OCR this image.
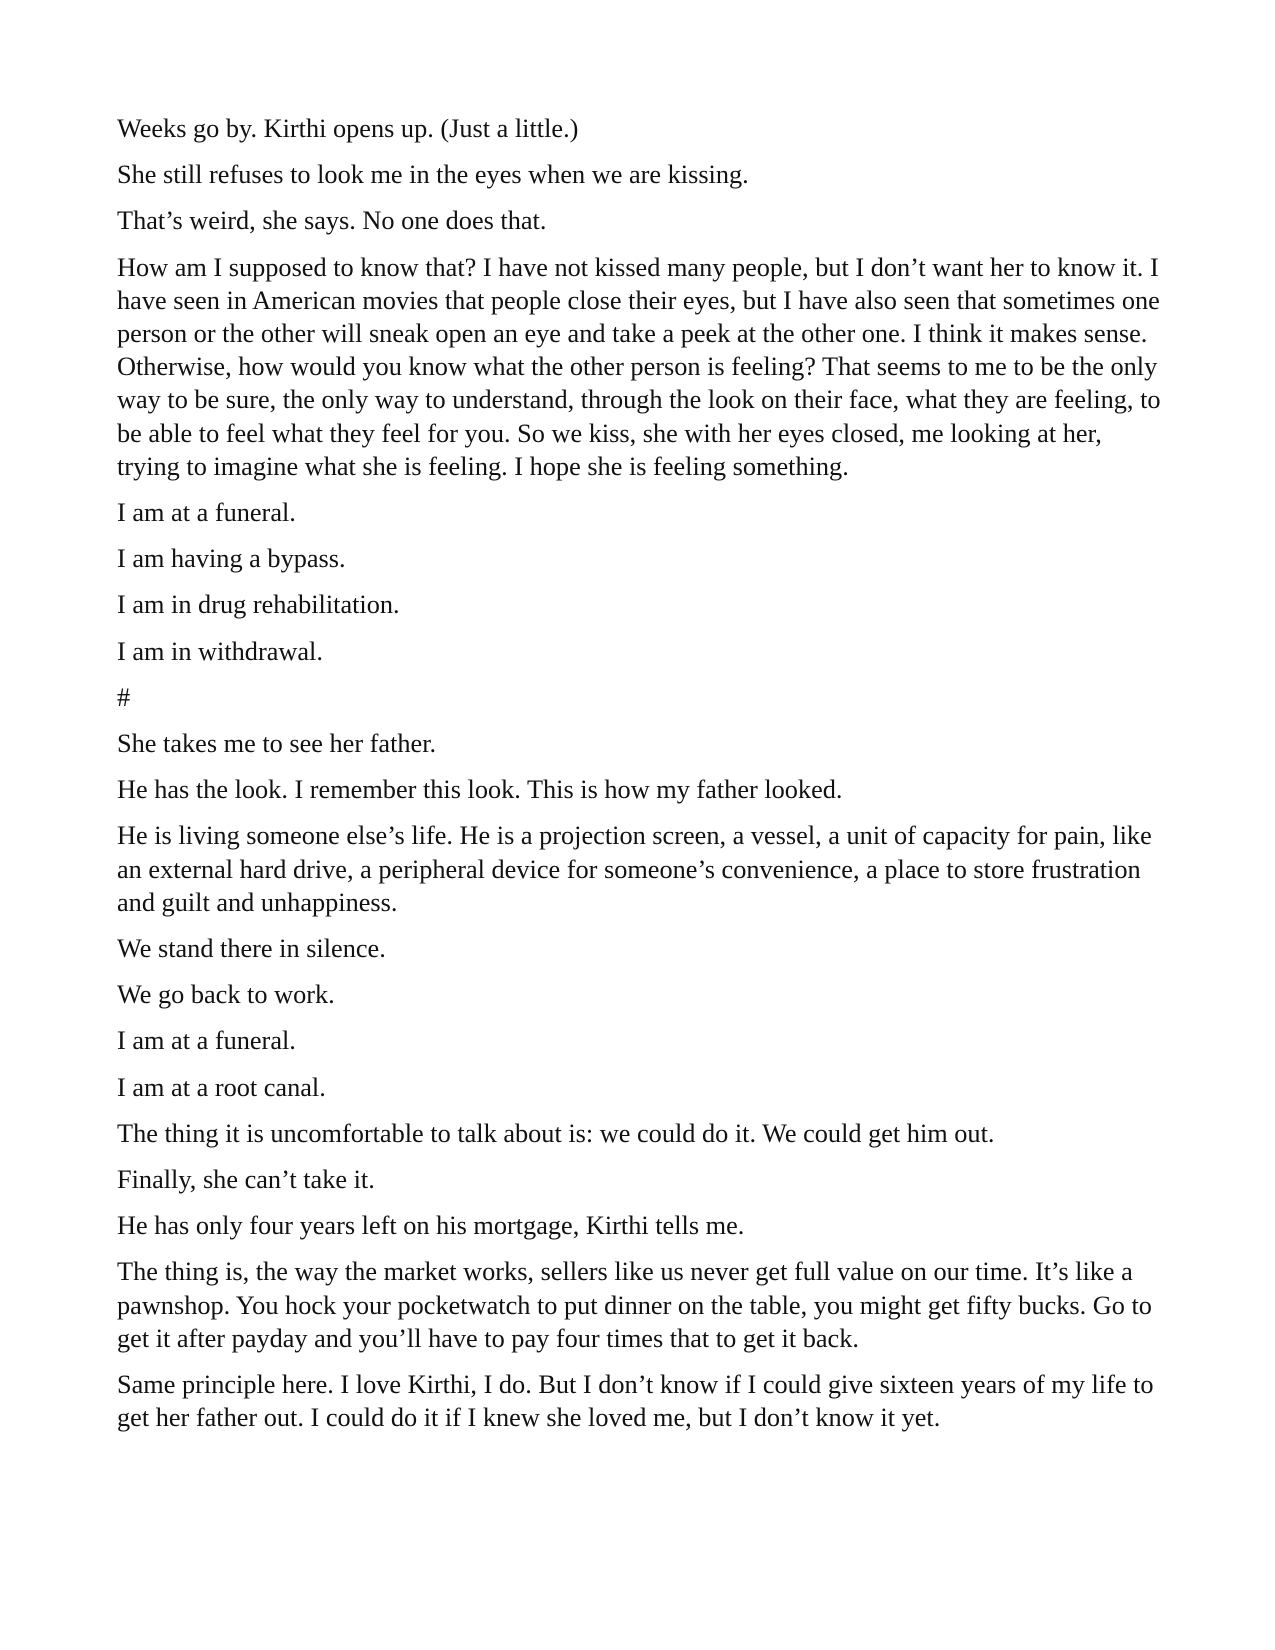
Weeks go by. Kirthi opens up. (Just a little.)

She still refuses to look me in the eyes when we are kissing.

That’s weird, she says. No one does that.

How am I supposed to know that? I have not kissed many people, but I don’t want her to know it. I have seen in American movies that people close their eyes, but I have also seen that sometimes one person or the other will sneak open an eye and take a peek at the other one. I think it makes sense. Otherwise, how would you know what the other person is feeling? That seems to me to be the only way to be sure, the only way to understand, through the look on their face, what they are feeling, to be able to feel what they feel for you. So we kiss, she with her eyes closed, me looking at her, trying to imagine what she is feeling. I hope she is feeling something.

I am at a funeral.

I am having a bypass.

I am in drug rehabilitation.

I am in withdrawal.

#

She takes me to see her father.

He has the look. I remember this look. This is how my father looked.

He is living someone else’s life. He is a projection screen, a vessel, a unit of capacity for pain, like an external hard drive, a peripheral device for someone’s convenience, a place to store frustration and guilt and unhappiness.

We stand there in silence.

We go back to work.

I am at a funeral.

I am at a root canal.

The thing it is uncomfortable to talk about is: we could do it. We could get him out.

Finally, she can’t take it.

He has only four years left on his mortgage, Kirthi tells me.

The thing is, the way the market works, sellers like us never get full value on our time. It’s like a pawnshop. You hock your pocketwatch to put dinner on the table, you might get fifty bucks. Go to get it after payday and you’ll have to pay four times that to get it back.

Same principle here. I love Kirthi, I do. But I don’t know if I could give sixteen years of my life to get her father out. I could do it if I knew she loved me, but I don’t know it yet.
